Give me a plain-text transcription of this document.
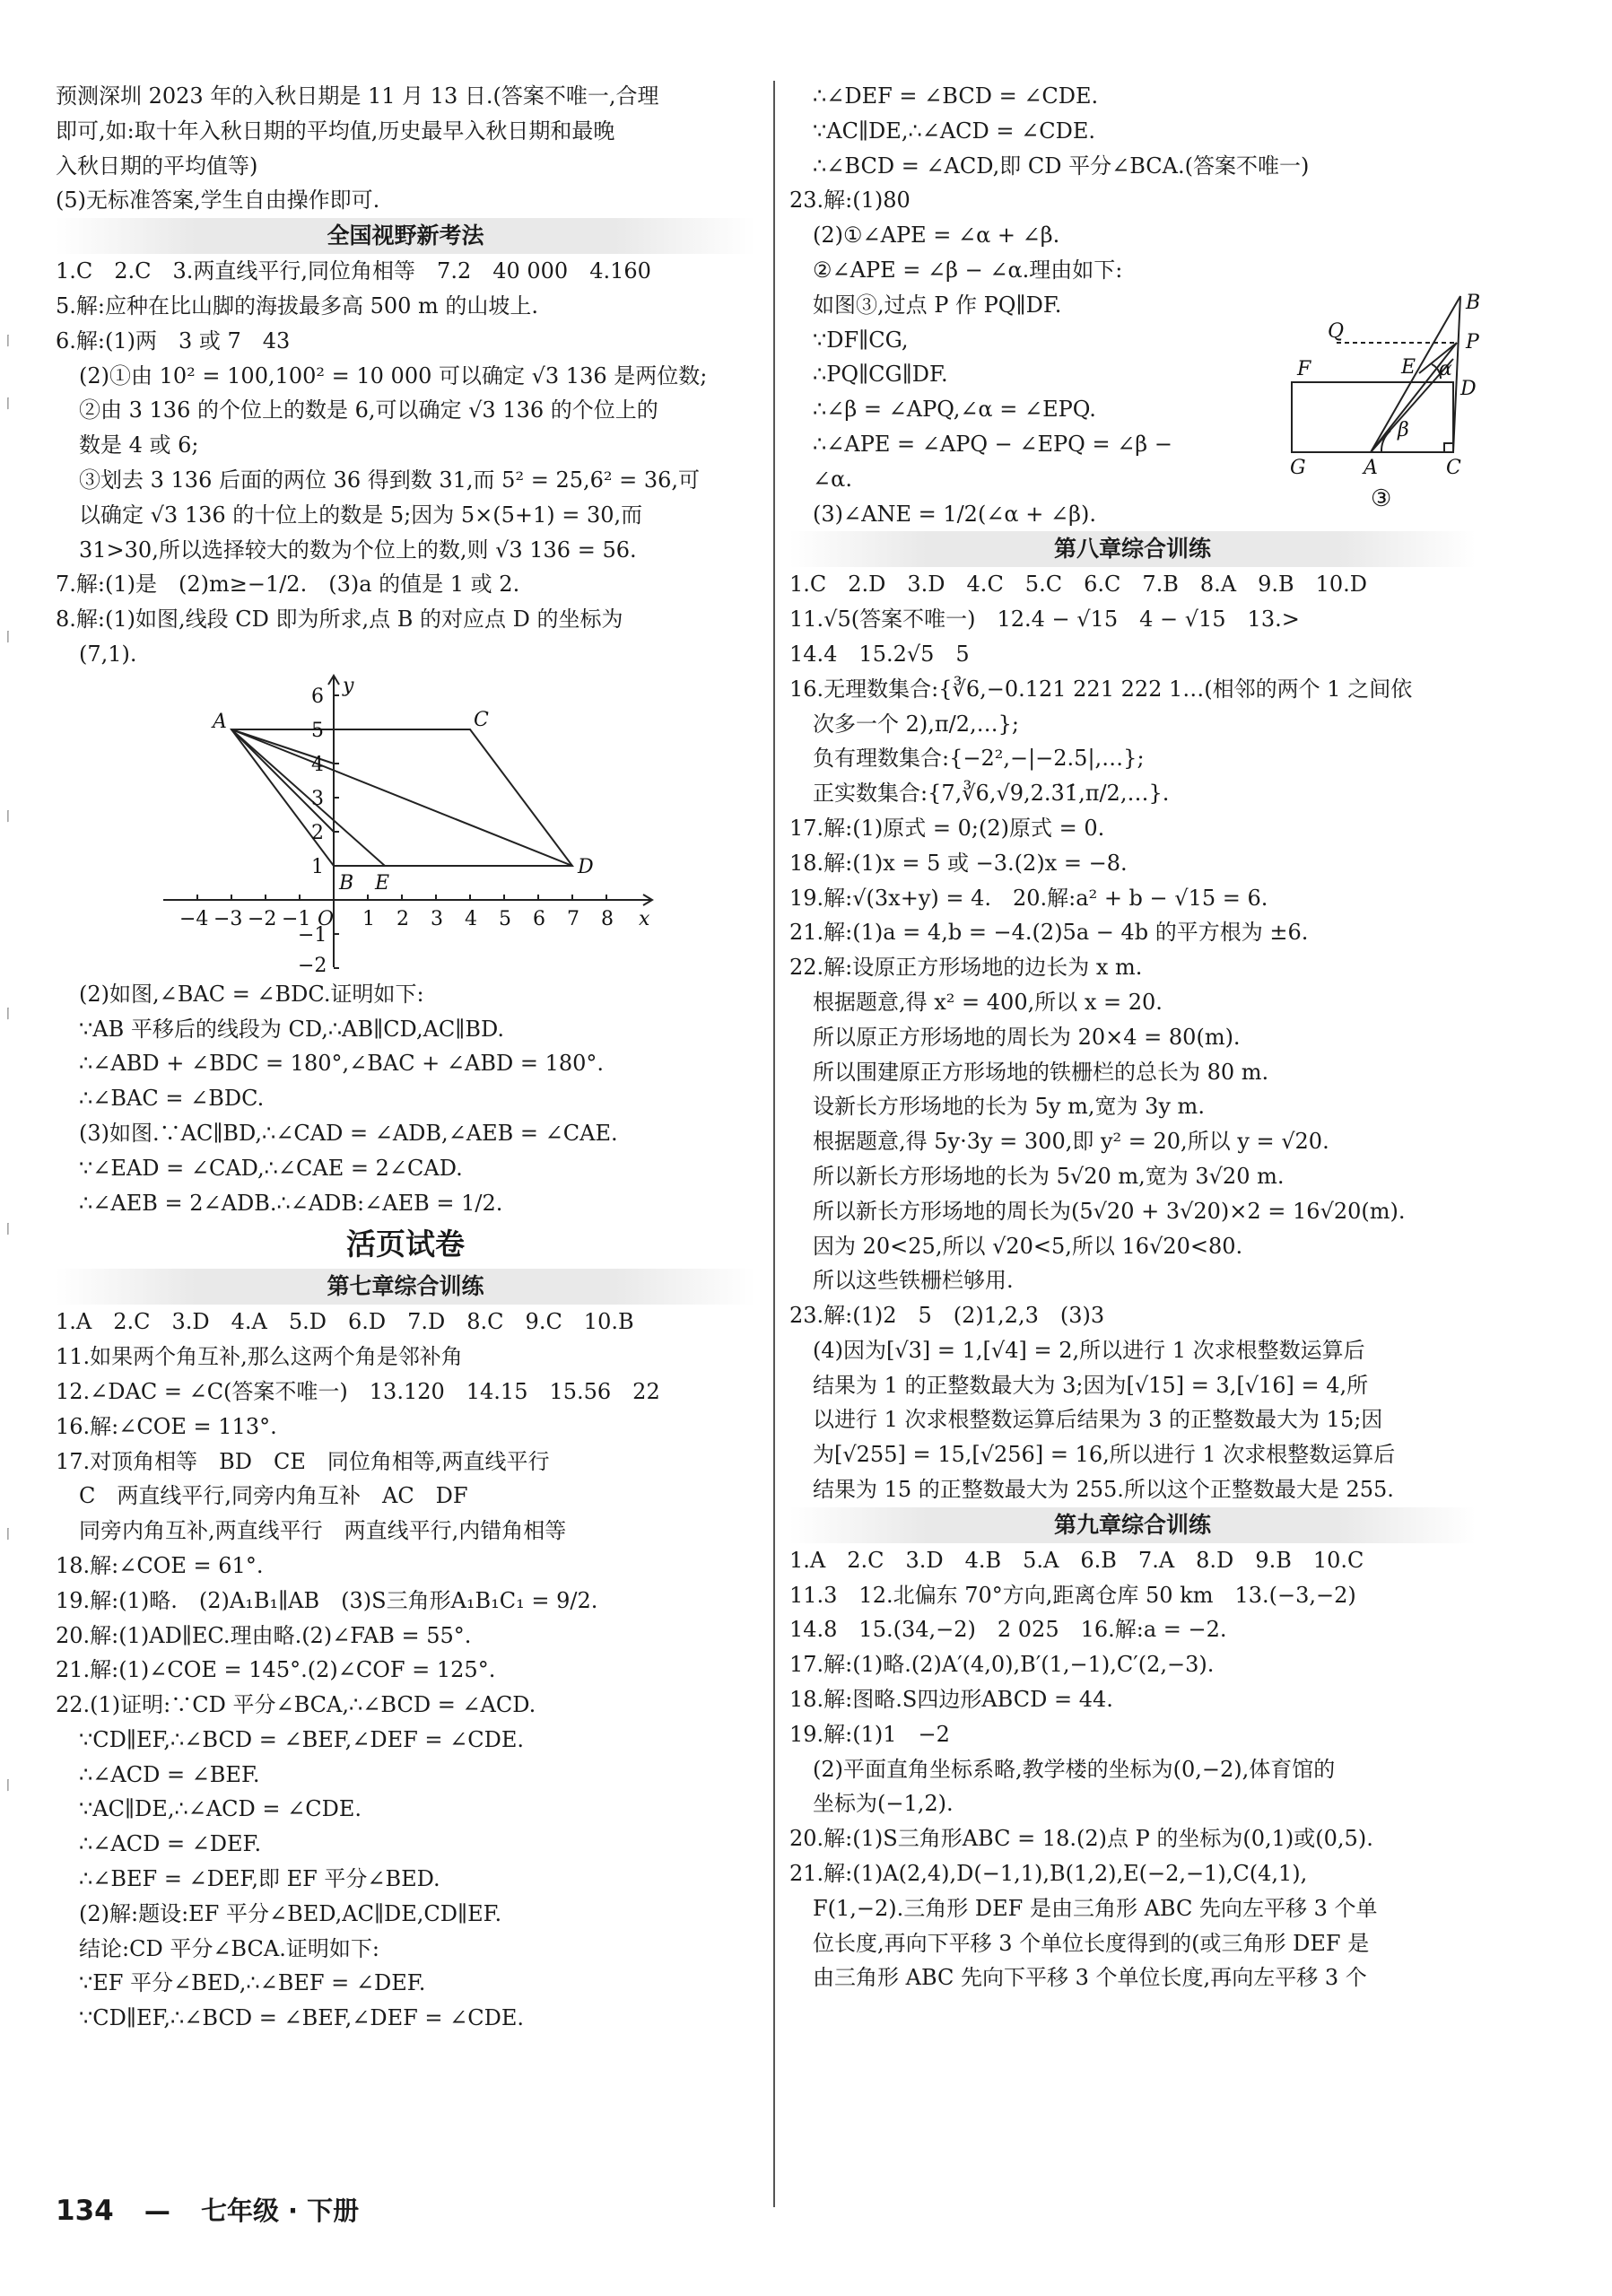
丨
丨
丨
丨
丨
丨
丨
丨
预测深圳 2023 年的入秋日期是 11 月 13 日.(答案不唯一,合理
即可,如:取十年入秋日期的平均值,历史最早入秋日期和最晚
入秋日期的平均值等)
(5)无标准答案,学生自由操作即可.
全国视野新考法
1.C　2.C　3.两直线平行,同位角相等　7.2　40 000　4.160
5.解:应种在比山脚的海拔最多高 500 m 的山坡上.
6.解:(1)两　3 或 7　43
(2)①由 10² = 100,100² = 10 000 可以确定 √3 136 是两位数;
②由 3 136 的个位上的数是 6,可以确定 √3 136 的个位上的
数是 4 或 6;
③划去 3 136 后面的两位 36 得到数 31,而 5² = 25,6² = 36,可
以确定 √3 136 的十位上的数是 5;因为 5×(5+1) = 30,而
31>30,所以选择较大的数为个位上的数,则 √3 136 = 56.
7.解:(1)是　(2)m≥−1/2.　(3)a 的值是 1 或 2.
8.解:(1)如图,线段 CD 即为所求,点 B 的对应点 D 的坐标为
(7,1).
−4 −3 −2 −1 O 1 2 3 4 5 6 7 8 x
6
5
4
3
2
1
−1
−2
y
A	C
D
B E
(2)如图,∠BAC = ∠BDC.证明如下:
∵AB 平移后的线段为 CD,∴AB∥CD,AC∥BD.
∴∠ABD + ∠BDC = 180°,∠BAC + ∠ABD = 180°.
∴∠BAC = ∠BDC.
(3)如图.∵AC∥BD,∴∠CAD = ∠ADB,∠AEB = ∠CAE.
∵∠EAD = ∠CAD,∴∠CAE = 2∠CAD.
∴∠AEB = 2∠ADB.∴∠ADB:∠AEB = 1/2.
活页试卷
第七章综合训练
1.A　2.C　3.D　4.A　5.D　6.D　7.D　8.C　9.C　10.B
11.如果两个角互补,那么这两个角是邻补角
12.∠DAC = ∠C(答案不唯一)　13.120　14.15　15.56　22
16.解:∠COE = 113°.
17.对顶角相等　BD　CE　同位角相等,两直线平行
C　两直线平行,同旁内角互补　AC　DF
同旁内角互补,两直线平行　两直线平行,内错角相等
18.解:∠COE = 61°.
19.解:(1)略.　(2)A₁B₁∥AB　(3)S三角形A₁B₁C₁ = 9/2.
20.解:(1)AD∥EC.理由略.(2)∠FAB = 55°.
21.解:(1)∠COE = 145°.(2)∠COF = 125°.
22.(1)证明:∵CD 平分∠BCA,∴∠BCD = ∠ACD.
∵CD∥EF,∴∠BCD = ∠BEF,∠DEF = ∠CDE.
∴∠ACD = ∠BEF.
∵AC∥DE,∴∠ACD = ∠CDE.
∴∠ACD = ∠DEF.
∴∠BEF = ∠DEF,即 EF 平分∠BED.
(2)解:题设:EF 平分∠BED,AC∥DE,CD∥EF.
结论:CD 平分∠BCA.证明如下:
∵EF 平分∠BED,∴∠BEF = ∠DEF.
∵CD∥EF,∴∠BCD = ∠BEF,∠DEF = ∠CDE.
∴∠DEF = ∠BCD = ∠CDE.
∵AC∥DE,∴∠ACD = ∠CDE.
∴∠BCD = ∠ACD,即 CD 平分∠BCA.(答案不唯一)
23.解:(1)80
(2)①∠APE = ∠α + ∠β.
②∠APE = ∠β − ∠α.理由如下:
如图③,过点 P 作 PQ∥DF.
∵DF∥CG,
∴PQ∥CG∥DF.
∴∠β = ∠APQ,∠α = ∠EPQ.
∴∠APE = ∠APQ − ∠EPQ = ∠β −
∠α.
(3)∠ANE = 1/2(∠α + ∠β).
第八章综合训练
1.C　2.D　3.D　4.C　5.C　6.C　7.B　8.A　9.B　10.D
11.√5(答案不唯一)　12.4 − √15　4 − √15　13.>
14.4　15.2√5　5
16.无理数集合:{∛6,−0.121 221 222 1…(相邻的两个 1 之间依
次多一个 2),π/2,…};
负有理数集合:{−2²,−|−2.5|,…};
正实数集合:{7,∛6,√9,2.3̇1̇,π/2,…}.
17.解:(1)原式 = 0;(2)原式 = 0.
18.解:(1)x = 5 或 −3.(2)x = −8.
19.解:√(3x+y) = 4.　20.解:a² + b − √15 = 6.
21.解:(1)a = 4,b = −4.(2)5a − 4b 的平方根为 ±6.
22.解:设原正方形场地的边长为 x m.
根据题意,得 x² = 400,所以 x = 20.
所以原正方形场地的周长为 20×4 = 80(m).
所以围建原正方形场地的铁栅栏的总长为 80 m.
设新长方形场地的长为 5y m,宽为 3y m.
根据题意,得 5y·3y = 300,即 y² = 20,所以 y = √20.
所以新长方形场地的长为 5√20 m,宽为 3√20 m.
所以新长方形场地的周长为(5√20 + 3√20)×2 = 16√20(m).
因为 20<25,所以 √20<5,所以 16√20<80.
所以这些铁栅栏够用.
23.解:(1)2　5　(2)1,2,3　(3)3
(4)因为[√3] = 1,[√4] = 2,所以进行 1 次求根整数运算后
结果为 1 的正整数最大为 3;因为[√15] = 3,[√16] = 4,所
以进行 1 次求根整数运算后结果为 3 的正整数最大为 15;因
为[√255] = 15,[√256] = 16,所以进行 1 次求根整数运算后
结果为 15 的正整数最大为 255.所以这个正整数最大是 255.
第九章综合训练
1.A　2.C　3.D　4.B　5.A　6.B　7.A　8.D　9.B　10.C
11.3　12.北偏东 70°方向,距离仓库 50 km　13.(−3,−2)
14.8　15.(34,−2)　2 025　16.解:a = −2.
17.解:(1)略.(2)A′(4,0),B′(1,−1),C′(2,−3).
18.解:图略.S四边形ABCD = 44.
19.解:(1)1　−2
(2)平面直角坐标系略,教学楼的坐标为(0,−2),体育馆的
坐标为(−1,2).
20.解:(1)S三角形ABC = 18.(2)点 P 的坐标为(0,1)或(0,5).
21.解:(1)A(2,4),D(−1,1),B(1,2),E(−2,−1),C(4,1),
F(1,−2).三角形 DEF 是由三角形 ABC 先向左平移 3 个单
位长度,再向下平移 3 个单位长度得到的(或三角形 DEF 是
由三角形 ABC 先向下平移 3 个单位长度,再向左平移 3 个
B
P
Q
F	E α
D
β
G	A	C
③
134 — 七年级 · 下册
